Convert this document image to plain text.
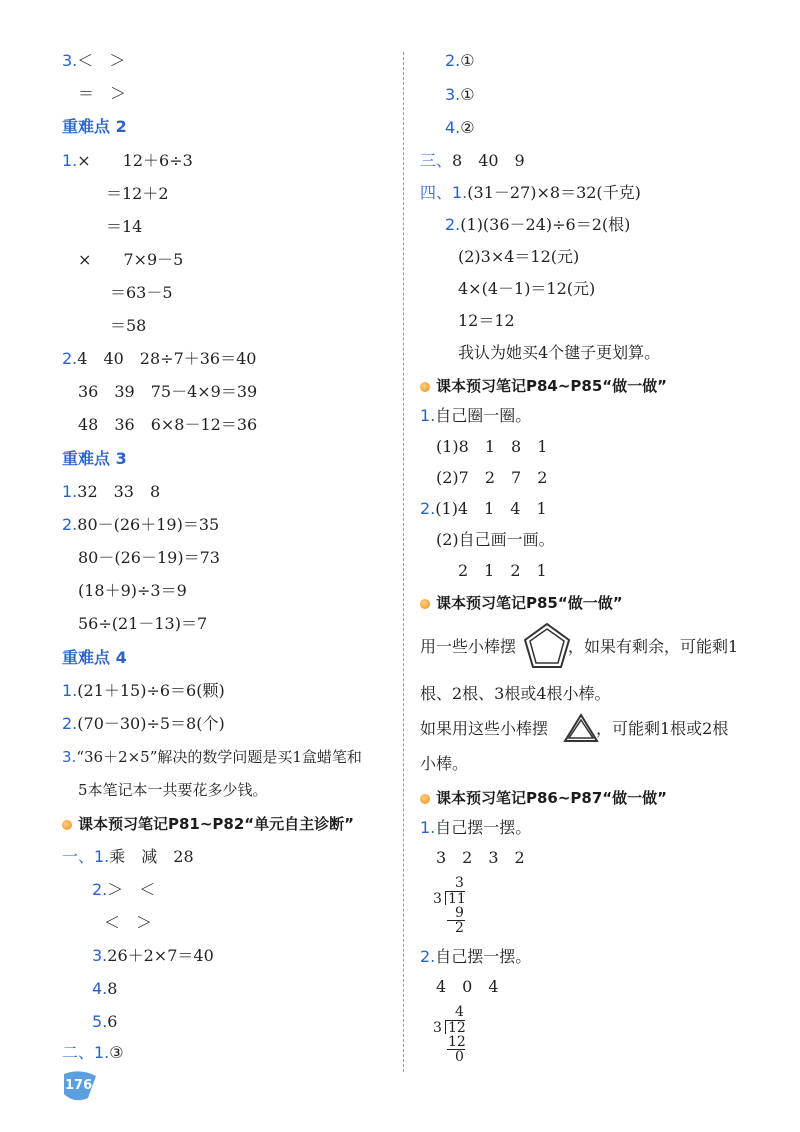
3.＜　＞
＝　＞
重难点 2
1.×　　12＋6÷3
＝12＋2
＝14
×　　7×9－5
＝63－5
＝58
2.4　40　28÷7＋36＝40
36　39　75－4×9＝39
48　36　6×8－12＝36
重难点 3
1.32　33　8
2.80－(26＋19)＝35
80－(26－19)＝73
(18＋9)÷3＝9
56÷(21－13)＝7
重难点 4
1.(21＋15)÷6＝6(颗)
2.(70－30)÷5＝8(个)
3.“36＋2×5”解决的数学问题是买1盒蜡笔和
5本笔记本一共要花多少钱。
课本预习笔记P81~P82“单元自主诊断”
一、1.乘　减　28
2.＞　＜
＜　＞
3.26＋2×7＝40
4.8
5.6
二、1.③
2.①
3.①
4.②
三、8　40　9
四、1.(31－27)×8＝32(千克)
2.(1)(36－24)÷6＝2(根)
(2)3×4＝12(元)
4×(4－1)＝12(元)
12＝12
我认为她买4个毽子更划算。
课本预习笔记P84~P85“做一做”
1.自己圈一圈。
(1)8　1　8　1
(2)7　2　7　2
2.(1)4　1　4　1
(2)自己画一画。
2　1　2　1
课本预习笔记P85“做一做”
用一些小棒摆	，如果有剩余，可能剩1
根、2根、3根或4根小棒。
如果用这些小棒摆	，可能剩1根或2根
小棒。
课本预习笔记P86~P87“做一做”
1.自己摆一摆。
3　2　3　2
3
3 11
9
2
2.自己摆一摆。
4　0　4
4
3 12
12
0
176
